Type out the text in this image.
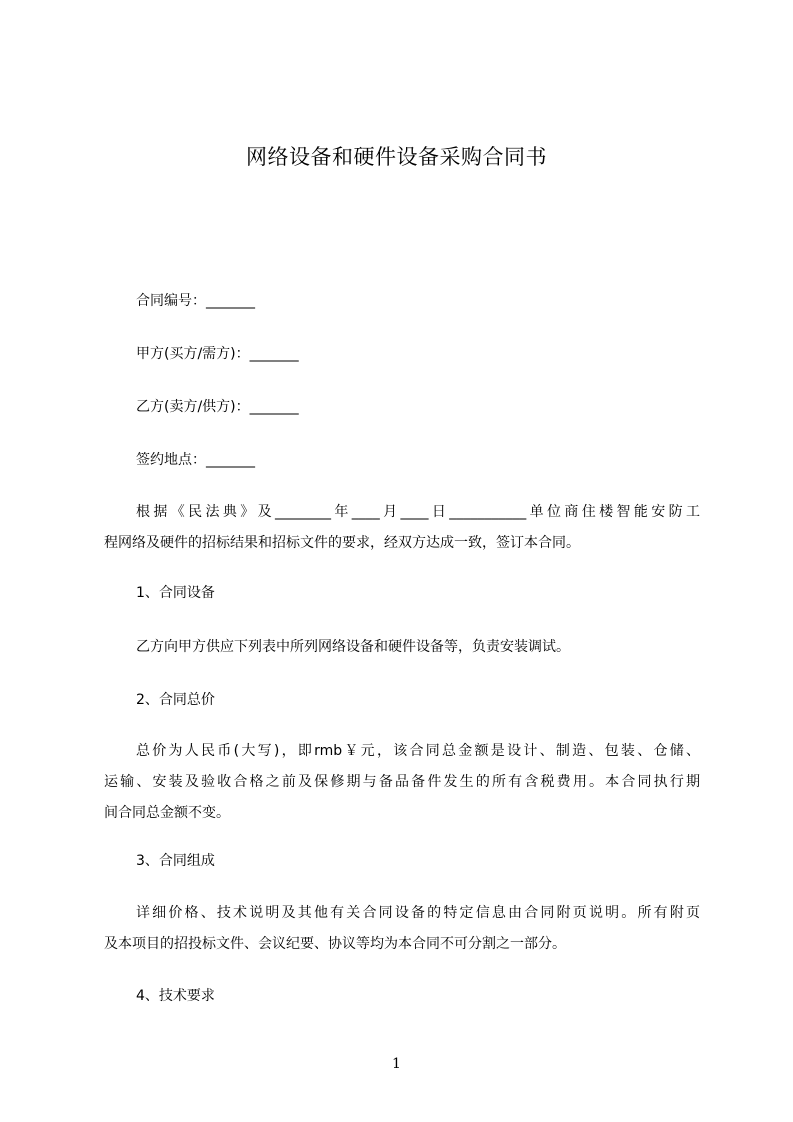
网络设备和硬件设备采购合同书
合同编号：_______
甲方(买方/需方)：_______
乙方(卖方/供方)：_______
签约地点：_______
根据《民法典》及________年____月____日___________单位商住楼智能安防工
程网络及硬件的招标结果和招标文件的要求，经双方达成一致，签订本合同。
1、合同设备
乙方向甲方供应下列表中所列网络设备和硬件设备等，负责安装调试。
2、合同总价
总价为人民币(大写)，即rmb￥元，该合同总金额是设计、制造、包装、仓储、
运输、安装及验收合格之前及保修期与备品备件发生的所有含税费用。本合同执行期
间合同总金额不变。
3、合同组成
详细价格、技术说明及其他有关合同设备的特定信息由合同附页说明。所有附页
及本项目的招投标文件、会议纪要、协议等均为本合同不可分割之一部分。
4、技术要求
1
